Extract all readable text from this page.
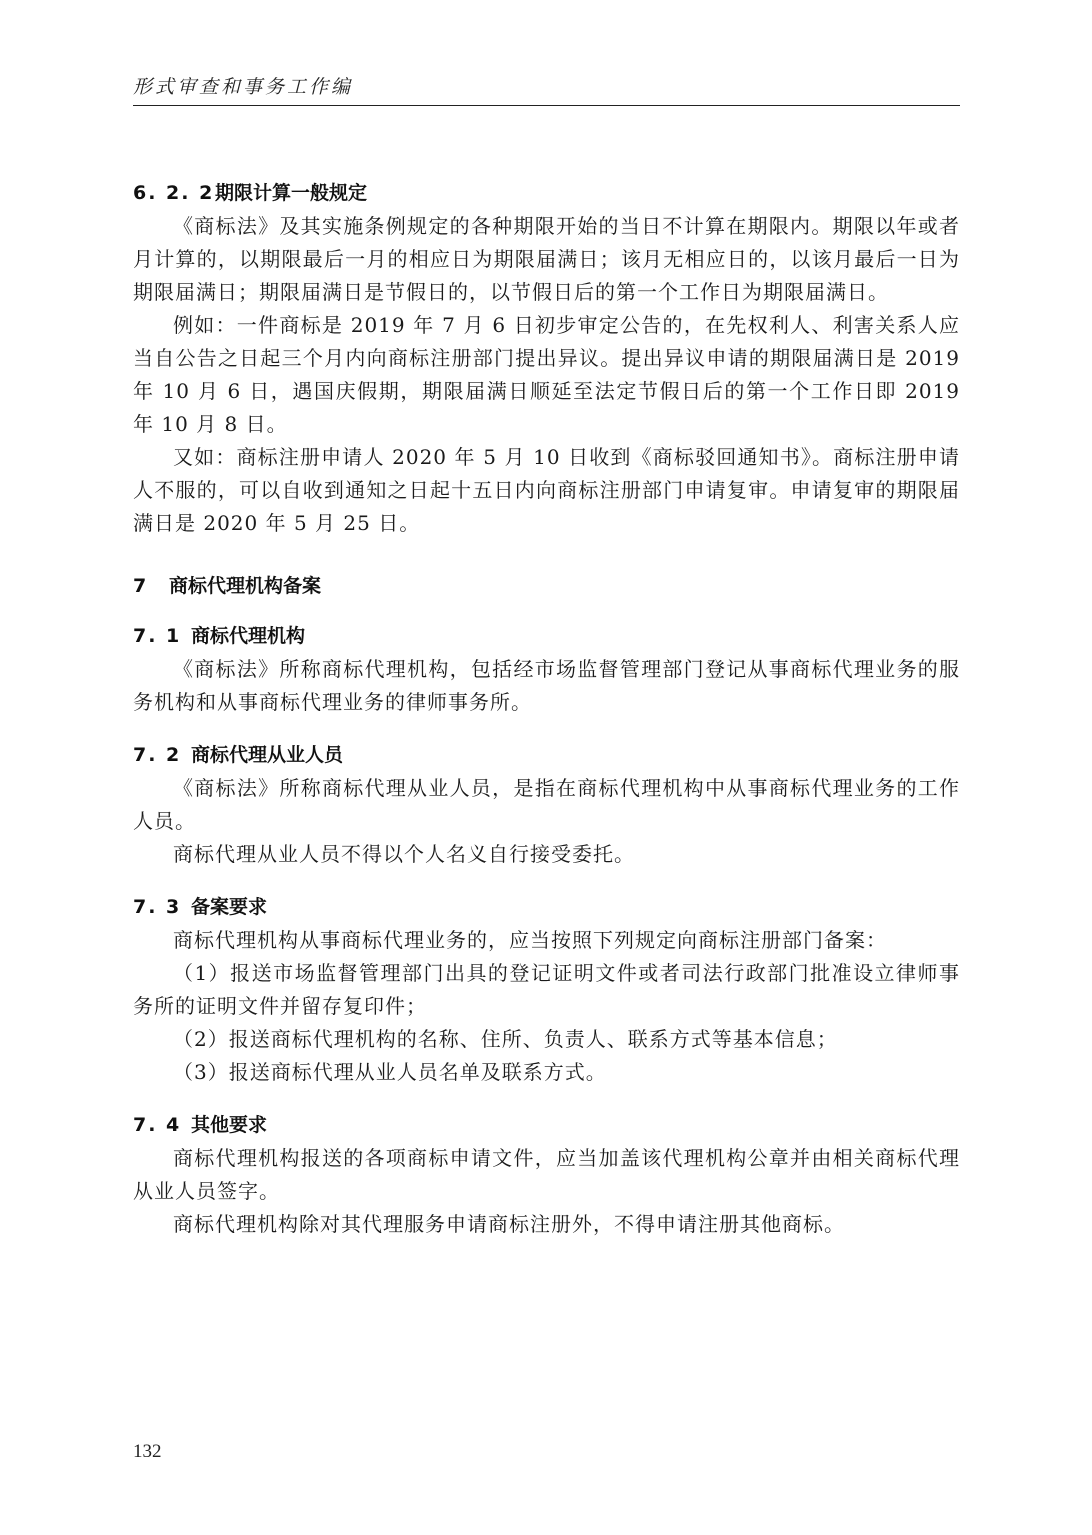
形式审查和事务工作编
6. 2. 2期限计算一般规定

《商标法》及其实施条例规定的各种期限开始的当日不计算在期限内。期限以年或者月计算的，以期限最后一月的相应日为期限届满日；该月无相应日的，以该月最后一日为期限届满日；期限届满日是节假日的，以节假日后的第一个工作日为期限届满日。

例如：一件商标是 2019 年 7 月 6 日初步审定公告的，在先权利人、利害关系人应当自公告之日起三个月内向商标注册部门提出异议。提出异议申请的期限届满日是 2019 年 10 月 6 日，遇国庆假期，期限届满日顺延至法定节假日后的第一个工作日即 2019 年 10 月 8 日。

又如：商标注册申请人 2020 年 5 月 10 日收到《商标驳回通知书》。商标注册申请人不服的，可以自收到通知之日起十五日内向商标注册部门申请复审。申请复审的期限届满日是 2020 年 5 月 25 日。

7 商标代理机构备案
7. 1 商标代理机构

《商标法》所称商标代理机构，包括经市场监督管理部门登记从事商标代理业务的服务机构和从事商标代理业务的律师事务所。

7. 2 商标代理从业人员

《商标法》所称商标代理从业人员，是指在商标代理机构中从事商标代理业务的工作人员。

商标代理从业人员不得以个人名义自行接受委托。

7. 3 备案要求

商标代理机构从事商标代理业务的，应当按照下列规定向商标注册部门备案：

（1）报送市场监督管理部门出具的登记证明文件或者司法行政部门批准设立律师事务所的证明文件并留存复印件；

（2）报送商标代理机构的名称、住所、负责人、联系方式等基本信息；

（3）报送商标代理从业人员名单及联系方式。

7. 4 其他要求

商标代理机构报送的各项商标申请文件，应当加盖该代理机构公章并由相关商标代理从业人员签字。

商标代理机构除对其代理服务申请商标注册外，不得申请注册其他商标。

132
